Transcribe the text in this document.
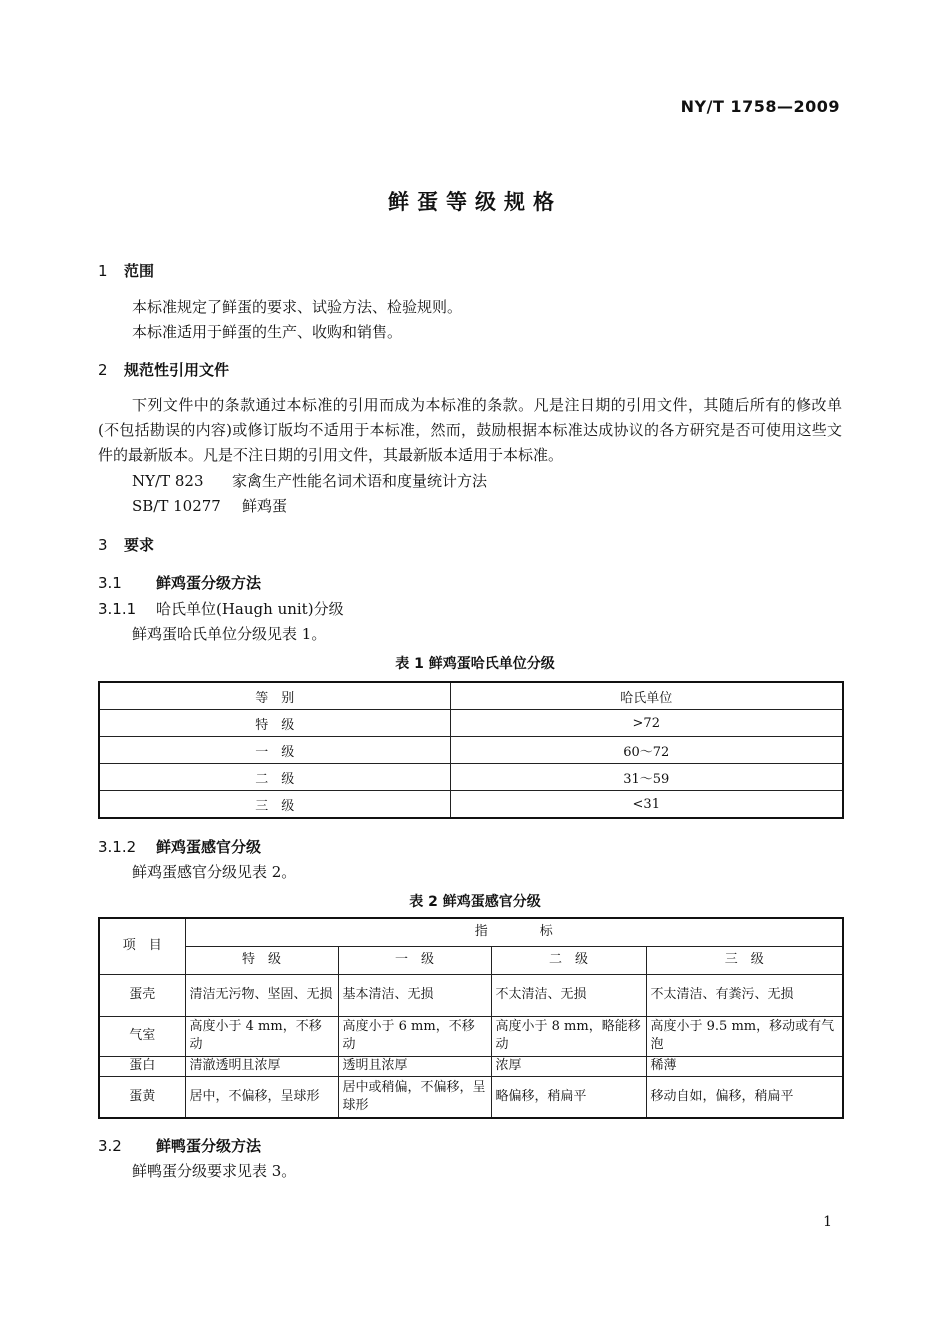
NY/T 1758—2009
鲜蛋等级规格
1 范围
本标准规定了鲜蛋的要求、试验方法、检验规则。
本标准适用于鲜蛋的生产、收购和销售。
2 规范性引用文件
下列文件中的条款通过本标准的引用而成为本标准的条款。凡是注日期的引用文件，其随后所有的修改单(不包括勘误的内容)或修订版均不适用于本标准，然而，鼓励根据本标准达成协议的各方研究是否可使用这些文件的最新版本。凡是不注日期的引用文件，其最新版本适用于本标准。
NY/T 823 家禽生产性能名词术语和度量统计方法
SB/T 10277 鲜鸡蛋
3 要求
3.1 鲜鸡蛋分级方法
3.1.1 哈氏单位(Haugh unit)分级
鲜鸡蛋哈氏单位分级见表 1。
表 1 鲜鸡蛋哈氏单位分级
等　别	哈氏单位
特　级	>72
一　级	60～72
二　级	31～59
三　级	<31
3.1.2 鲜鸡蛋感官分级
鲜鸡蛋感官分级见表 2。
表 2 鲜鸡蛋感官分级
项　目	指　　　　标			
	特　级	一　级	二　级	三　级
蛋壳	清洁无污物、坚固、无损	基本清洁、无损	不太清洁、无损	不太清洁、有粪污、无损
气室	高度小于 4 mm，不移动	高度小于 6 mm，不移动	高度小于 8 mm，略能移动	高度小于 9.5 mm，移动或有气泡
蛋白	清澈透明且浓厚	透明且浓厚	浓厚	稀薄
蛋黄	居中，不偏移，呈球形	居中或稍偏，不偏移，呈球形	略偏移，稍扁平	移动自如，偏移，稍扁平
3.2 鲜鸭蛋分级方法
鲜鸭蛋分级要求见表 3。
1
